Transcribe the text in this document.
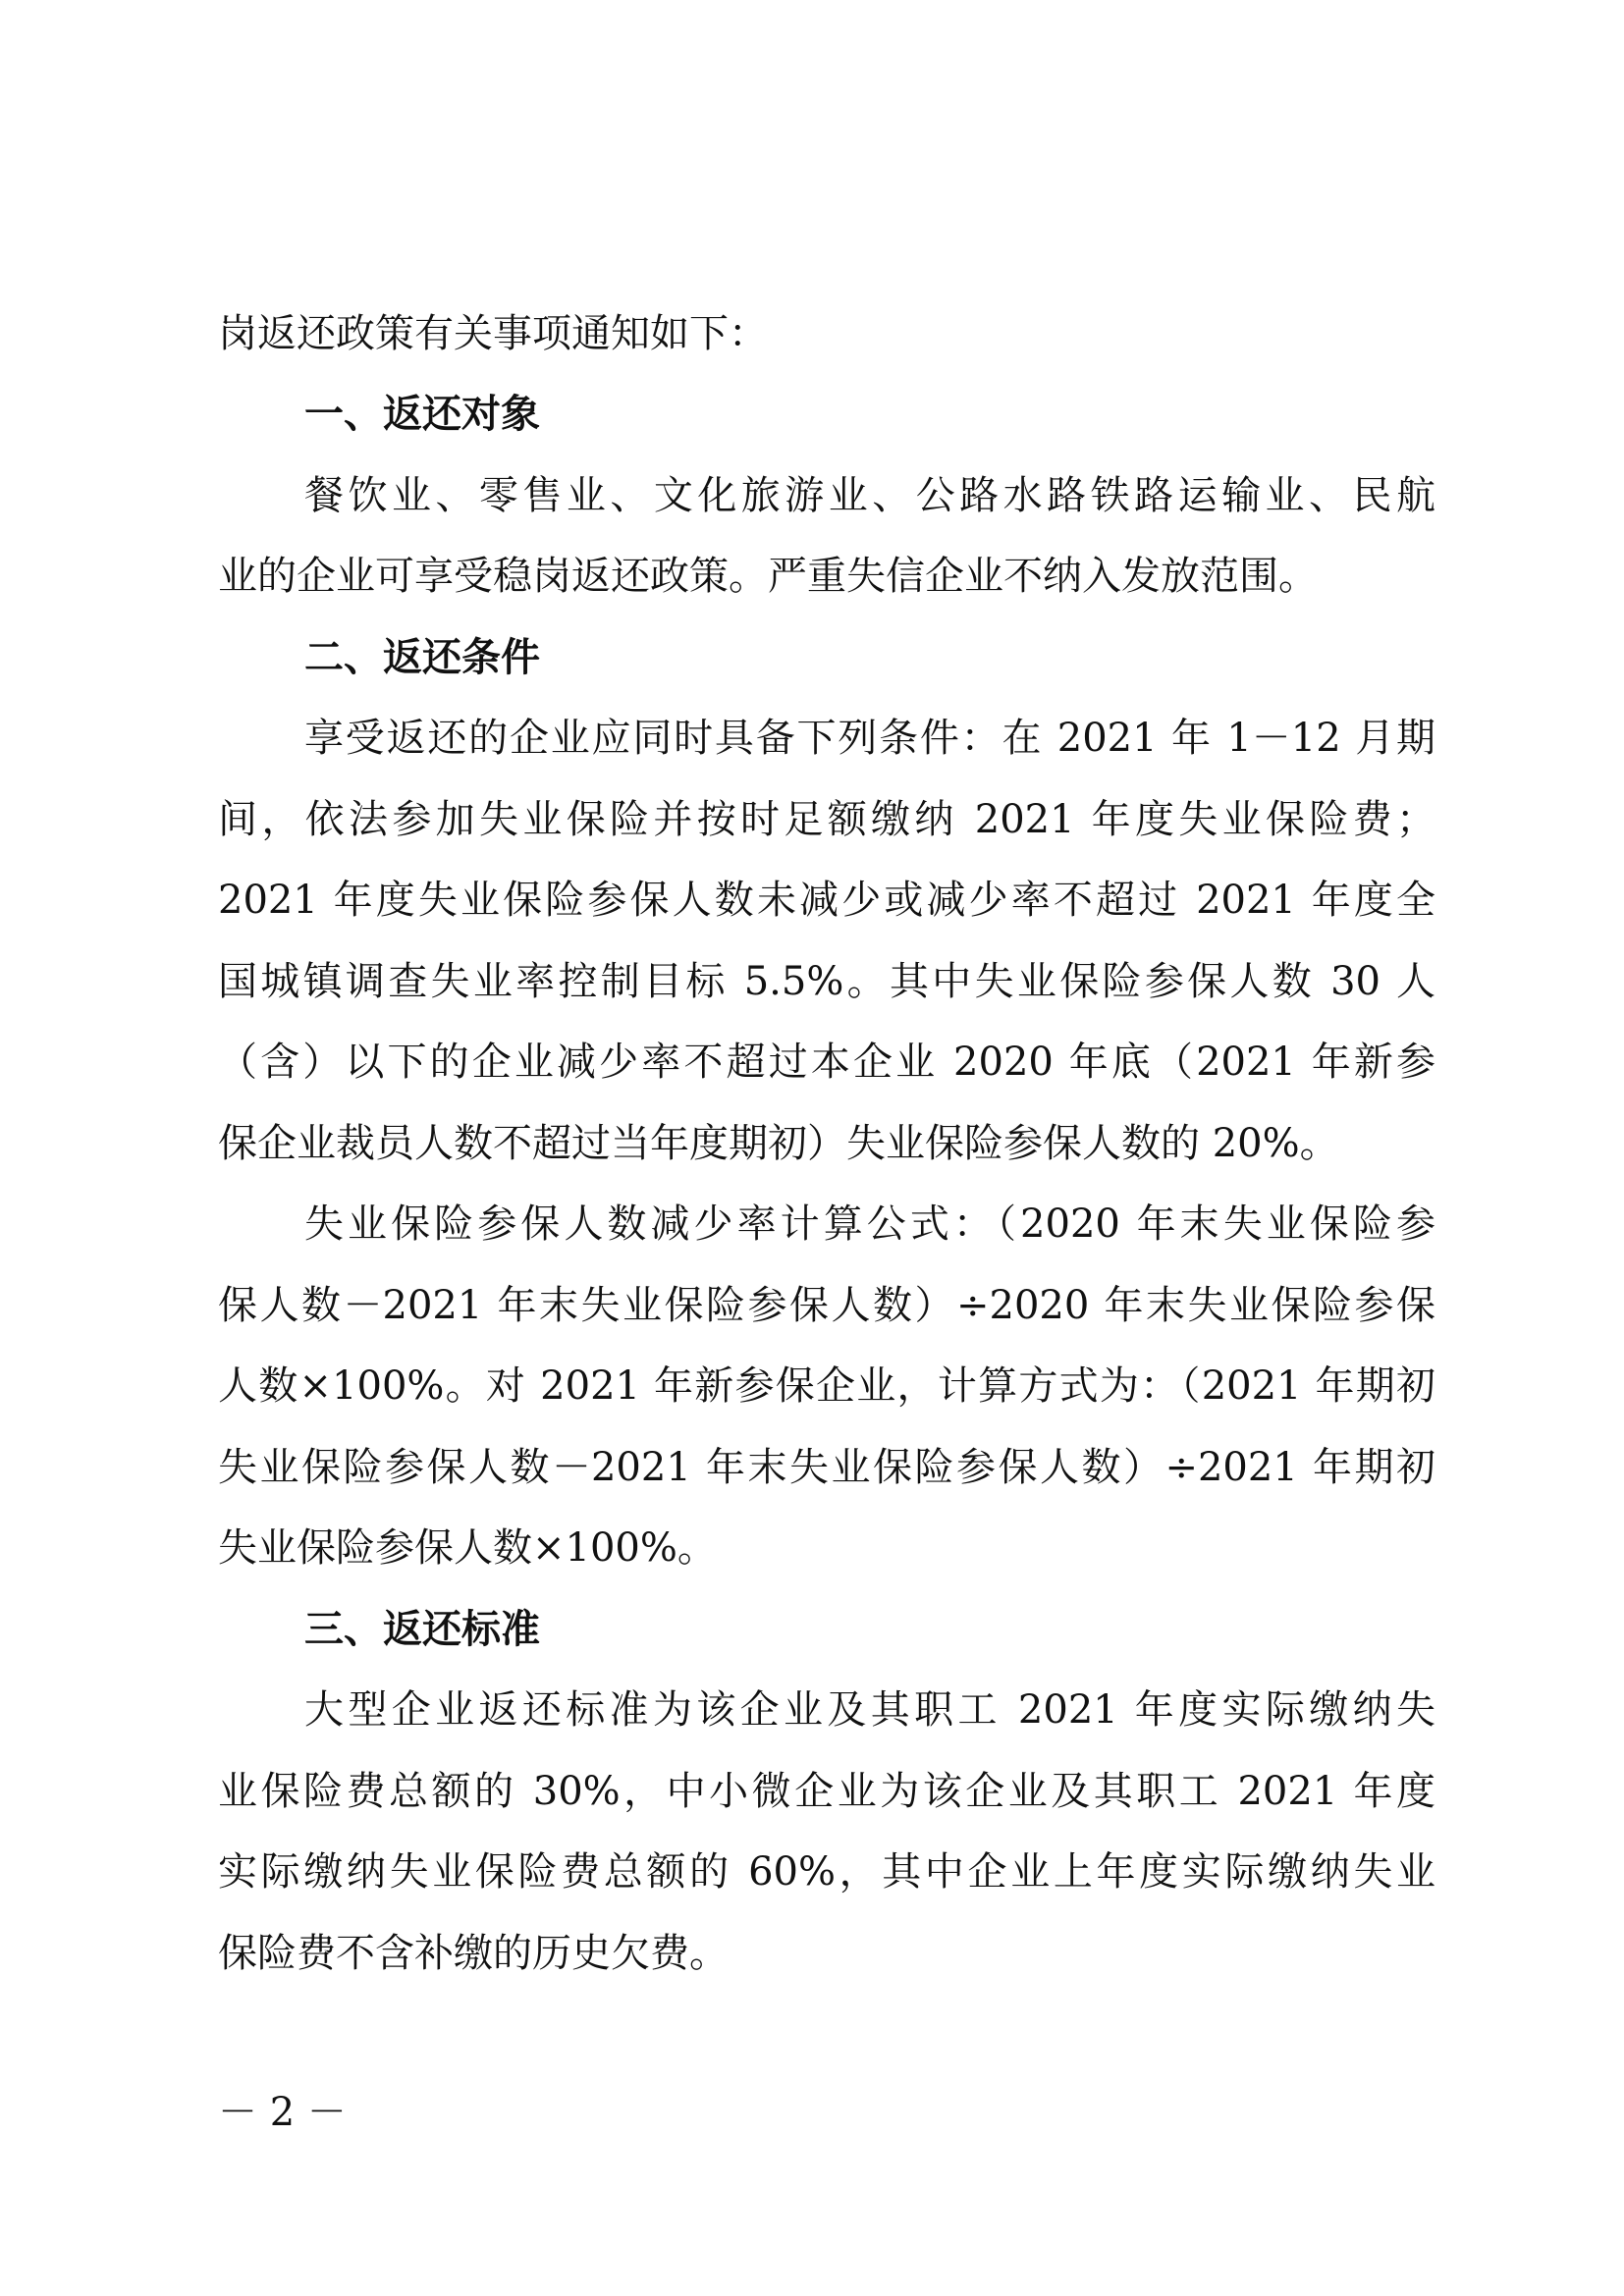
岗返还政策有关事项通知如下：
一、返还对象
餐饮业、零售业、文化旅游业、公路水路铁路运输业、民航
业的企业可享受稳岗返还政策。严重失信企业不纳入发放范围。
二、返还条件
享受返还的企业应同时具备下列条件：在 2021 年 1－12 月期
间，依法参加失业保险并按时足额缴纳 2021 年度失业保险费；
2021 年度失业保险参保人数未减少或减少率不超过 2021 年度全
国城镇调查失业率控制目标 5.5%。其中失业保险参保人数 30 人
（含）以下的企业减少率不超过本企业 2020 年底（2021 年新参
保企业裁员人数不超过当年度期初）失业保险参保人数的 20%。
失业保险参保人数减少率计算公式：（2020 年末失业保险参
保人数－2021 年末失业保险参保人数）÷2020 年末失业保险参保
人数×100%。对 2021 年新参保企业，计算方式为：（2021 年期初
失业保险参保人数－2021 年末失业保险参保人数）÷2021 年期初
失业保险参保人数×100%。
三、返还标准
大型企业返还标准为该企业及其职工 2021 年度实际缴纳失
业保险费总额的 30%，中小微企业为该企业及其职工 2021 年度
实际缴纳失业保险费总额的 60%，其中企业上年度实际缴纳失业
保险费不含补缴的历史欠费。
－ 2 －
